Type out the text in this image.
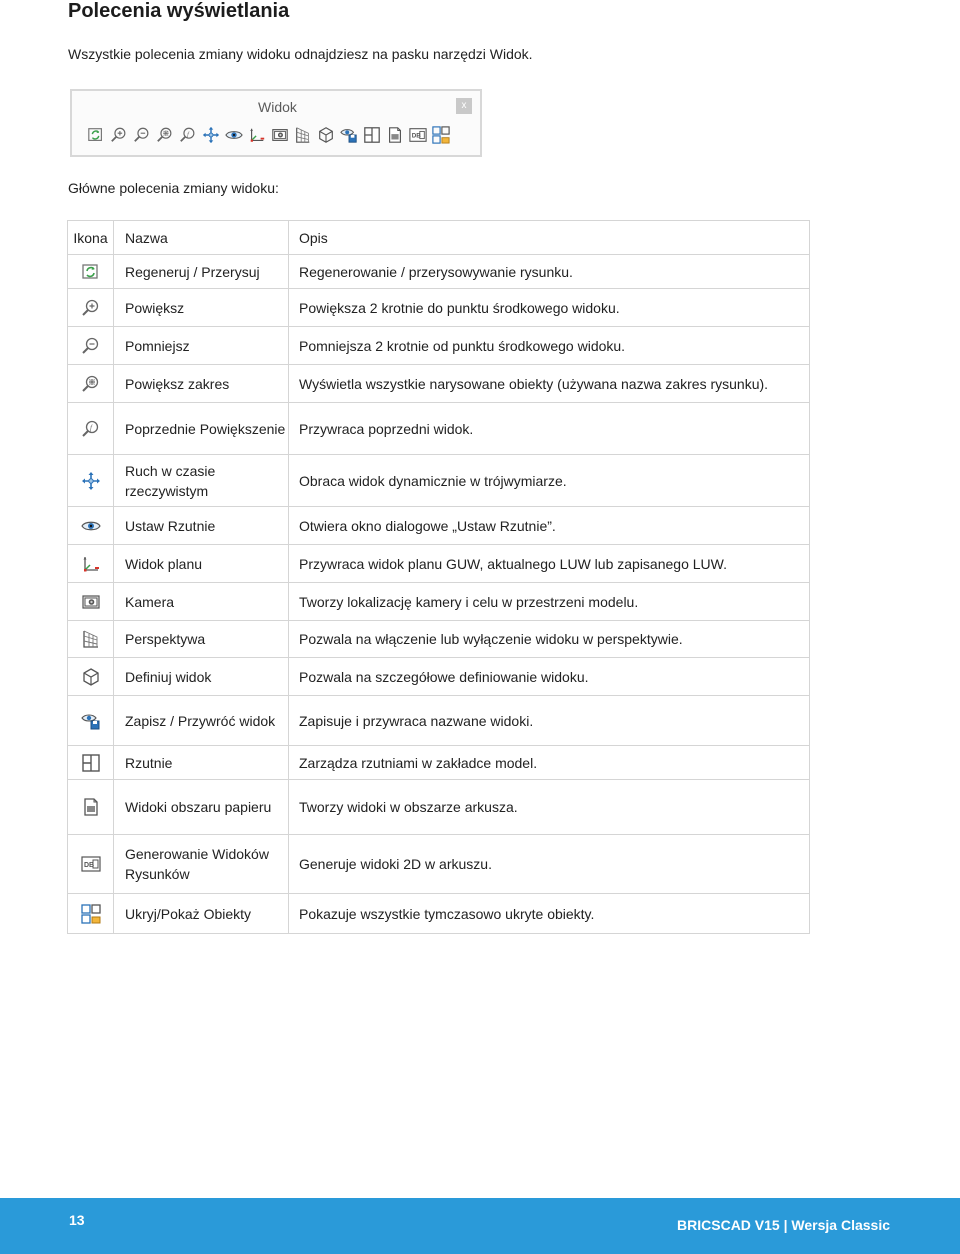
Polecenia wyświetlania
Wszystkie polecenia zmiany widoku odnajdziesz na pasku narzędzi Widok.
Widok	x
f	DB
Główne polecenia zmiany widoku:
Ikona	Nazwa	Opis

	Regeneruj / Przerysuj	Regenerowanie / przerysowywanie rysunku.

	Powiększ	Powiększa 2 krotnie do punktu środkowego widoku.

	Pomniejsz	Pomniejsza 2 krotnie od punktu środkowego widoku.

	Powiększ zakres	Wyświetla wszystkie narysowane obiekty (używana nazwa zakres rysunku).

f	Poprzednie Powiększenie	Przywraca poprzedni widok.

	Ruch w czasie rzeczywistym	Obraca widok dynamicznie w trójwymiarze.

	Ustaw Rzutnie	Otwiera okno dialogowe „Ustaw Rzutnie”.

	Widok planu	Przywraca widok planu GUW, aktualnego LUW lub zapisanego LUW.

	Kamera	Tworzy lokalizację kamery i celu w przestrzeni modelu.

	Perspektywa	Pozwala na włączenie lub wyłączenie widoku w perspektywie.

	Definiuj widok	Pozwala na szczegółowe definiowanie widoku.

	Zapisz / Przywróć widok	Zapisuje i przywraca nazwane widoki.

	Rzutnie	Zarządza rzutniami w zakładce model.

	Widoki obszaru papieru	Tworzy widoki w obszarze arkusza.

DB	Generowanie Widoków Rysunków	Generuje widoki 2D w arkuszu.

	Ukryj/Pokaż Obiekty	Pokazuje wszystkie tymczasowo ukryte obiekty.
13	BRICSCAD V15 | Wersja Classic
